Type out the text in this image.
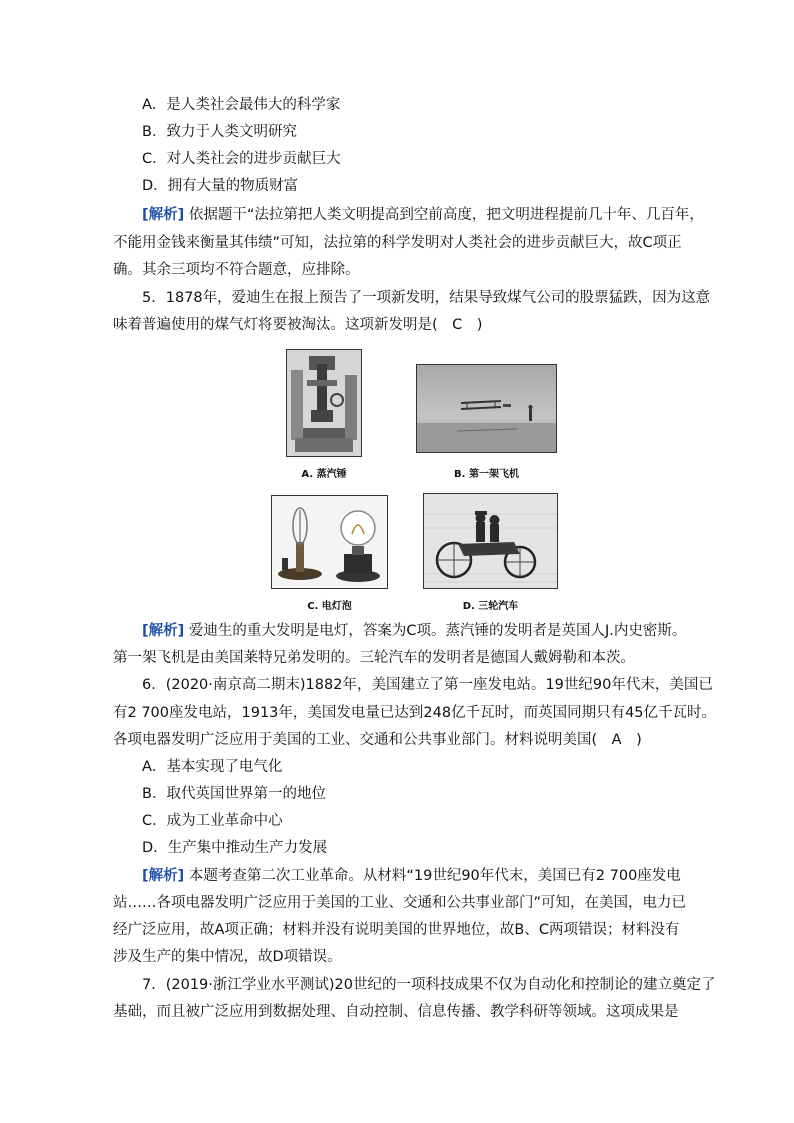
A．是人类社会最伟大的科学家
B．致力于人类文明研究
C．对人类社会的进步贡献巨大
D．拥有大量的物质财富
[解析] 依据题干“法拉第把人类文明提高到空前高度，把文明进程提前几十年、几百年，
不能用金钱来衡量其伟绩”可知，法拉第的科学发明对人类社会的进步贡献巨大，故C项正
确。其余三项均不符合题意，应排除。
5．1878年，爱迪生在报上预告了一项新发明，结果导致煤气公司的股票猛跌，因为这意
味着普遍使用的煤气灯将要被淘汰。这项新发明是(　C　)
A. 蒸汽锤	B. 第一架飞机
C. 电灯泡	D. 三轮汽车
[解析] 爱迪生的重大发明是电灯，答案为C项。蒸汽锤的发明者是英国人J.内史密斯。
第一架飞机是由美国莱特兄弟发明的。三轮汽车的发明者是德国人戴姆勒和本茨。
6．(2020·南京高二期末)1882年，美国建立了第一座发电站。19世纪90年代末，美国已
有2 700座发电站，1913年，美国发电量已达到248亿千瓦时，而英国同期只有45亿千瓦时。
各项电器发明广泛应用于美国的工业、交通和公共事业部门。材料说明美国(　A　)
A．基本实现了电气化
B．取代英国世界第一的地位
C．成为工业革命中心
D．生产集中推动生产力发展
[解析] 本题考查第二次工业革命。从材料“19世纪90年代末，美国已有2 700座发电
站……各项电器发明广泛应用于美国的工业、交通和公共事业部门”可知，在美国，电力已
经广泛应用，故A项正确；材料并没有说明美国的世界地位，故B、C两项错误；材料没有
涉及生产的集中情况，故D项错误。
7．(2019·浙江学业水平测试)20世纪的一项科技成果不仅为自动化和控制论的建立奠定了
基础，而且被广泛应用到数据处理、自动控制、信息传播、教学科研等领域。这项成果是
